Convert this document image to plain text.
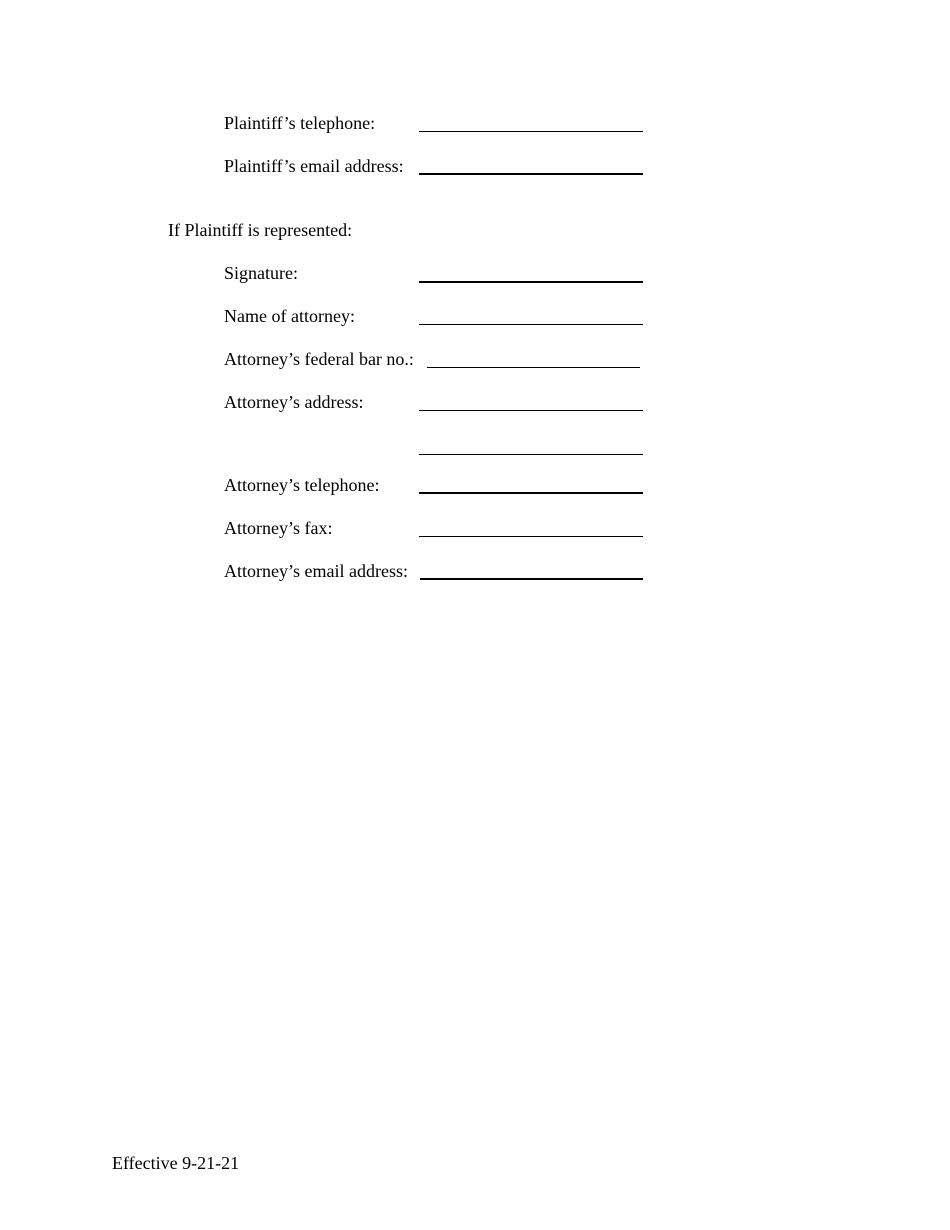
Plaintiff’s telephone:
Plaintiff’s email address:
If Plaintiff is represented:
Signature:
Name of attorney:
Attorney’s federal bar no.:
Attorney’s address:
Attorney’s telephone:
Attorney’s fax:
Attorney’s email address:
Effective 9-21-21
